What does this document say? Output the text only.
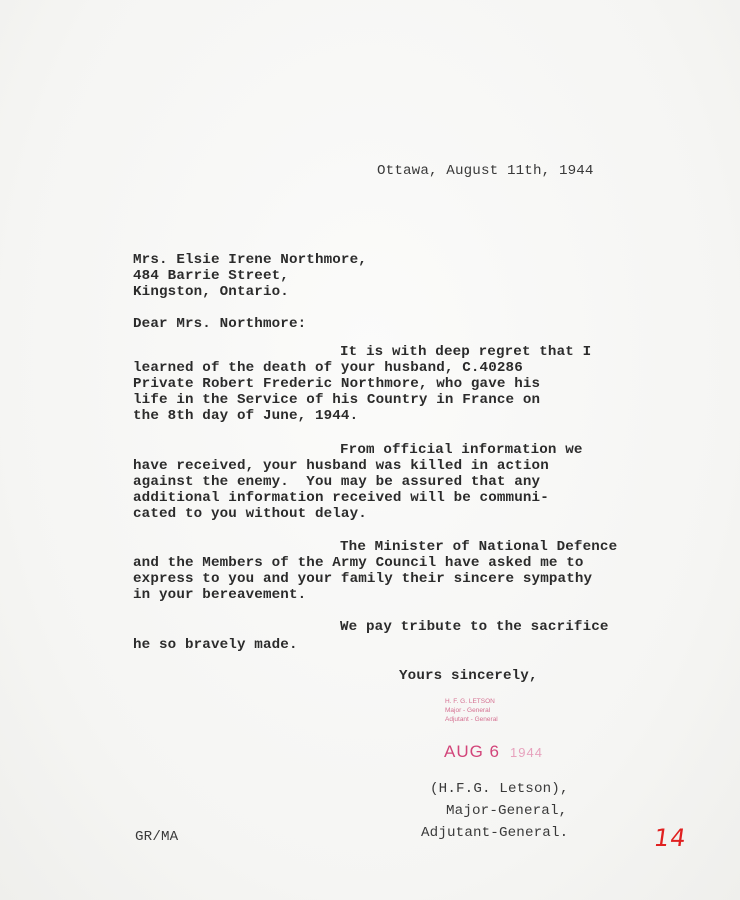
Ottawa, August 11th, 1944
Mrs. Elsie Irene Northmore,
484 Barrie Street,
Kingston, Ontario.
Dear Mrs. Northmore:
It is with deep regret that I
learned of the death of your husband, C.40286
Private Robert Frederic Northmore, who gave his
life in the Service of his Country in France on
the 8th day of June, 1944.
From official information we
have received, your husband was killed in action
against the enemy.  You may be assured that any
additional information received will be communi-
cated to you without delay.
The Minister of National Defence
and the Members of the Army Council have asked me to
express to you and your family their sincere sympathy
in your bereavement.
We pay tribute to the sacrifice
he so bravely made.
Yours sincerely,
H. F. G. LETSON
Major - General
Adjutant - General
AUG 6 1944
(H.F.G. Letson),
Major-General,
Adjutant-General.
GR/MA	14
